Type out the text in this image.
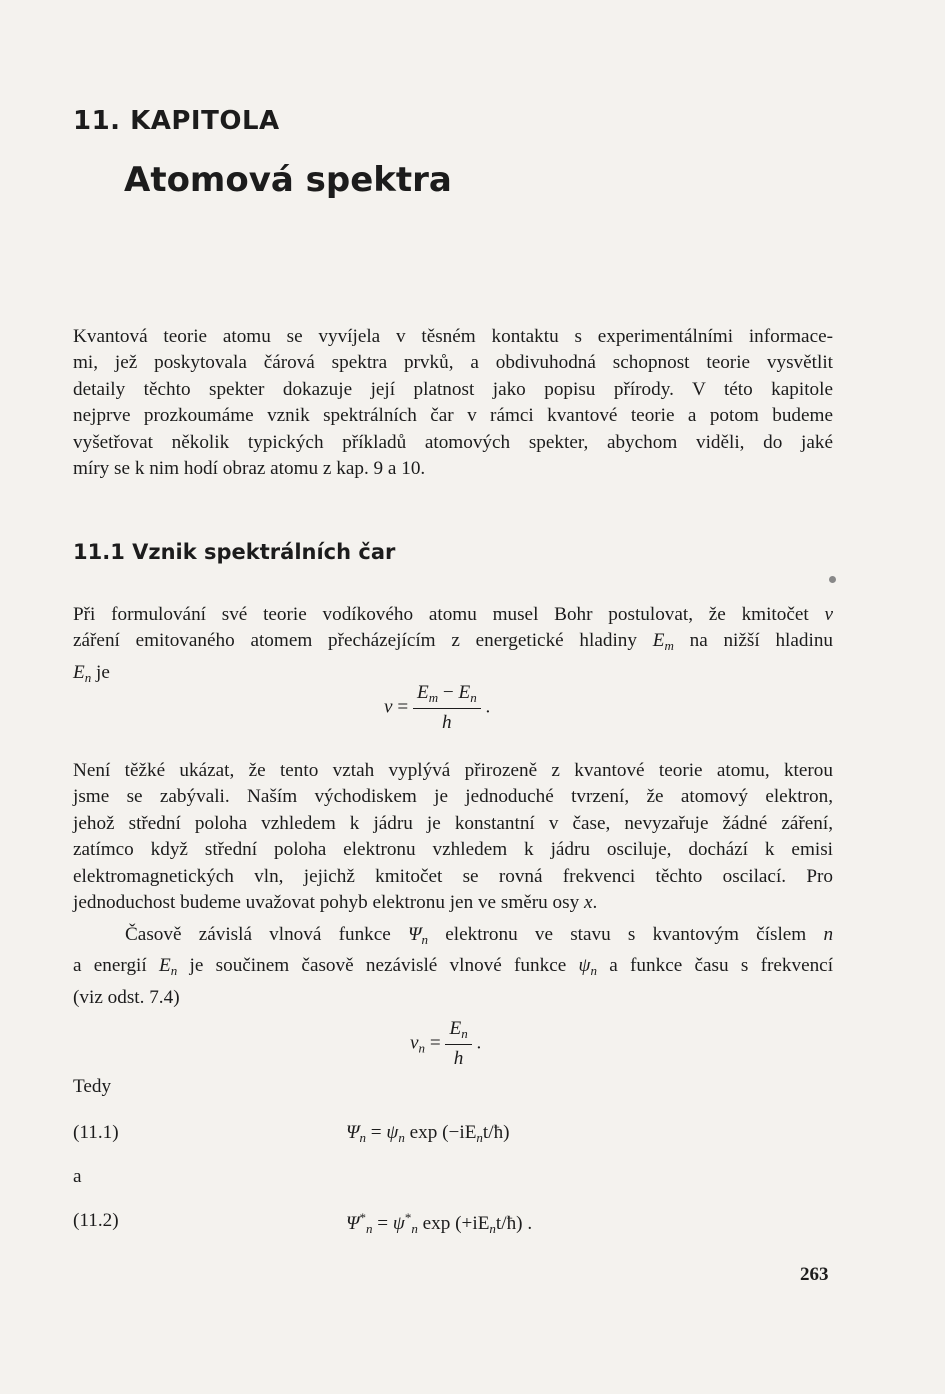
11. KAPITOLA
Atomová spektra
Kvantová teorie atomu se vyvíjela v těsném kontaktu s experimentálními informace-
mi, jež poskytovala čárová spektra prvků, a obdivuhodná schopnost teorie vysvětlit
detaily těchto spekter dokazuje její platnost jako popisu přírody. V této kapitole
nejprve prozkoumáme vznik spektrálních čar v rámci kvantové teorie a potom budeme
vyšetřovat několik typických příkladů atomových spekter, abychom viděli, do jaké
míry se k nim hodí obraz atomu z kap. 9 a 10.
11.1 Vznik spektrálních čar
Při formulování své teorie vodíkového atomu musel Bohr postulovat, že kmitočet ν
záření emitovaného atomem přecházejícím z energetické hladiny $E_m$ na nižší hladinu
$E_n$ je
$\nu = \frac{E_m - E_n}{h}$ .
Není těžké ukázat, že tento vztah vyplývá přirozeně z kvantové teorie atomu, kterou
jsme se zabývali. Naším východiskem je jednoduché tvrzení, že atomový elektron,
jehož střední poloha vzhledem k jádru je konstantní v čase, nevyzařuje žádné záření,
zatímco když střední poloha elektronu vzhledem k jádru osciluje, dochází k emisi
elektromagnetických vln, jejichž kmitočet se rovná frekvenci těchto oscilací. Pro
jednoduchost budeme uvažovat pohyb elektronu jen ve směru osy x.
Časově závislá vlnová funkce $\Psi_n$ elektronu ve stavu s kvantovým číslem n
a energií $E_n$ je součinem časově nezávislé vlnové funkce $\psi_n$ a funkce času s frekvencí
(viz odst. 7.4)
$\nu_n = \frac{E_n}{h}$ .
Tedy
(11.1)	$\Psi_n = \psi_n$ $\exp (-iE_nt/ħ)$
a
(11.2)	$\Psi^*_n = \psi^*_n$ $\exp (+iE_nt/ħ)$ .
263
